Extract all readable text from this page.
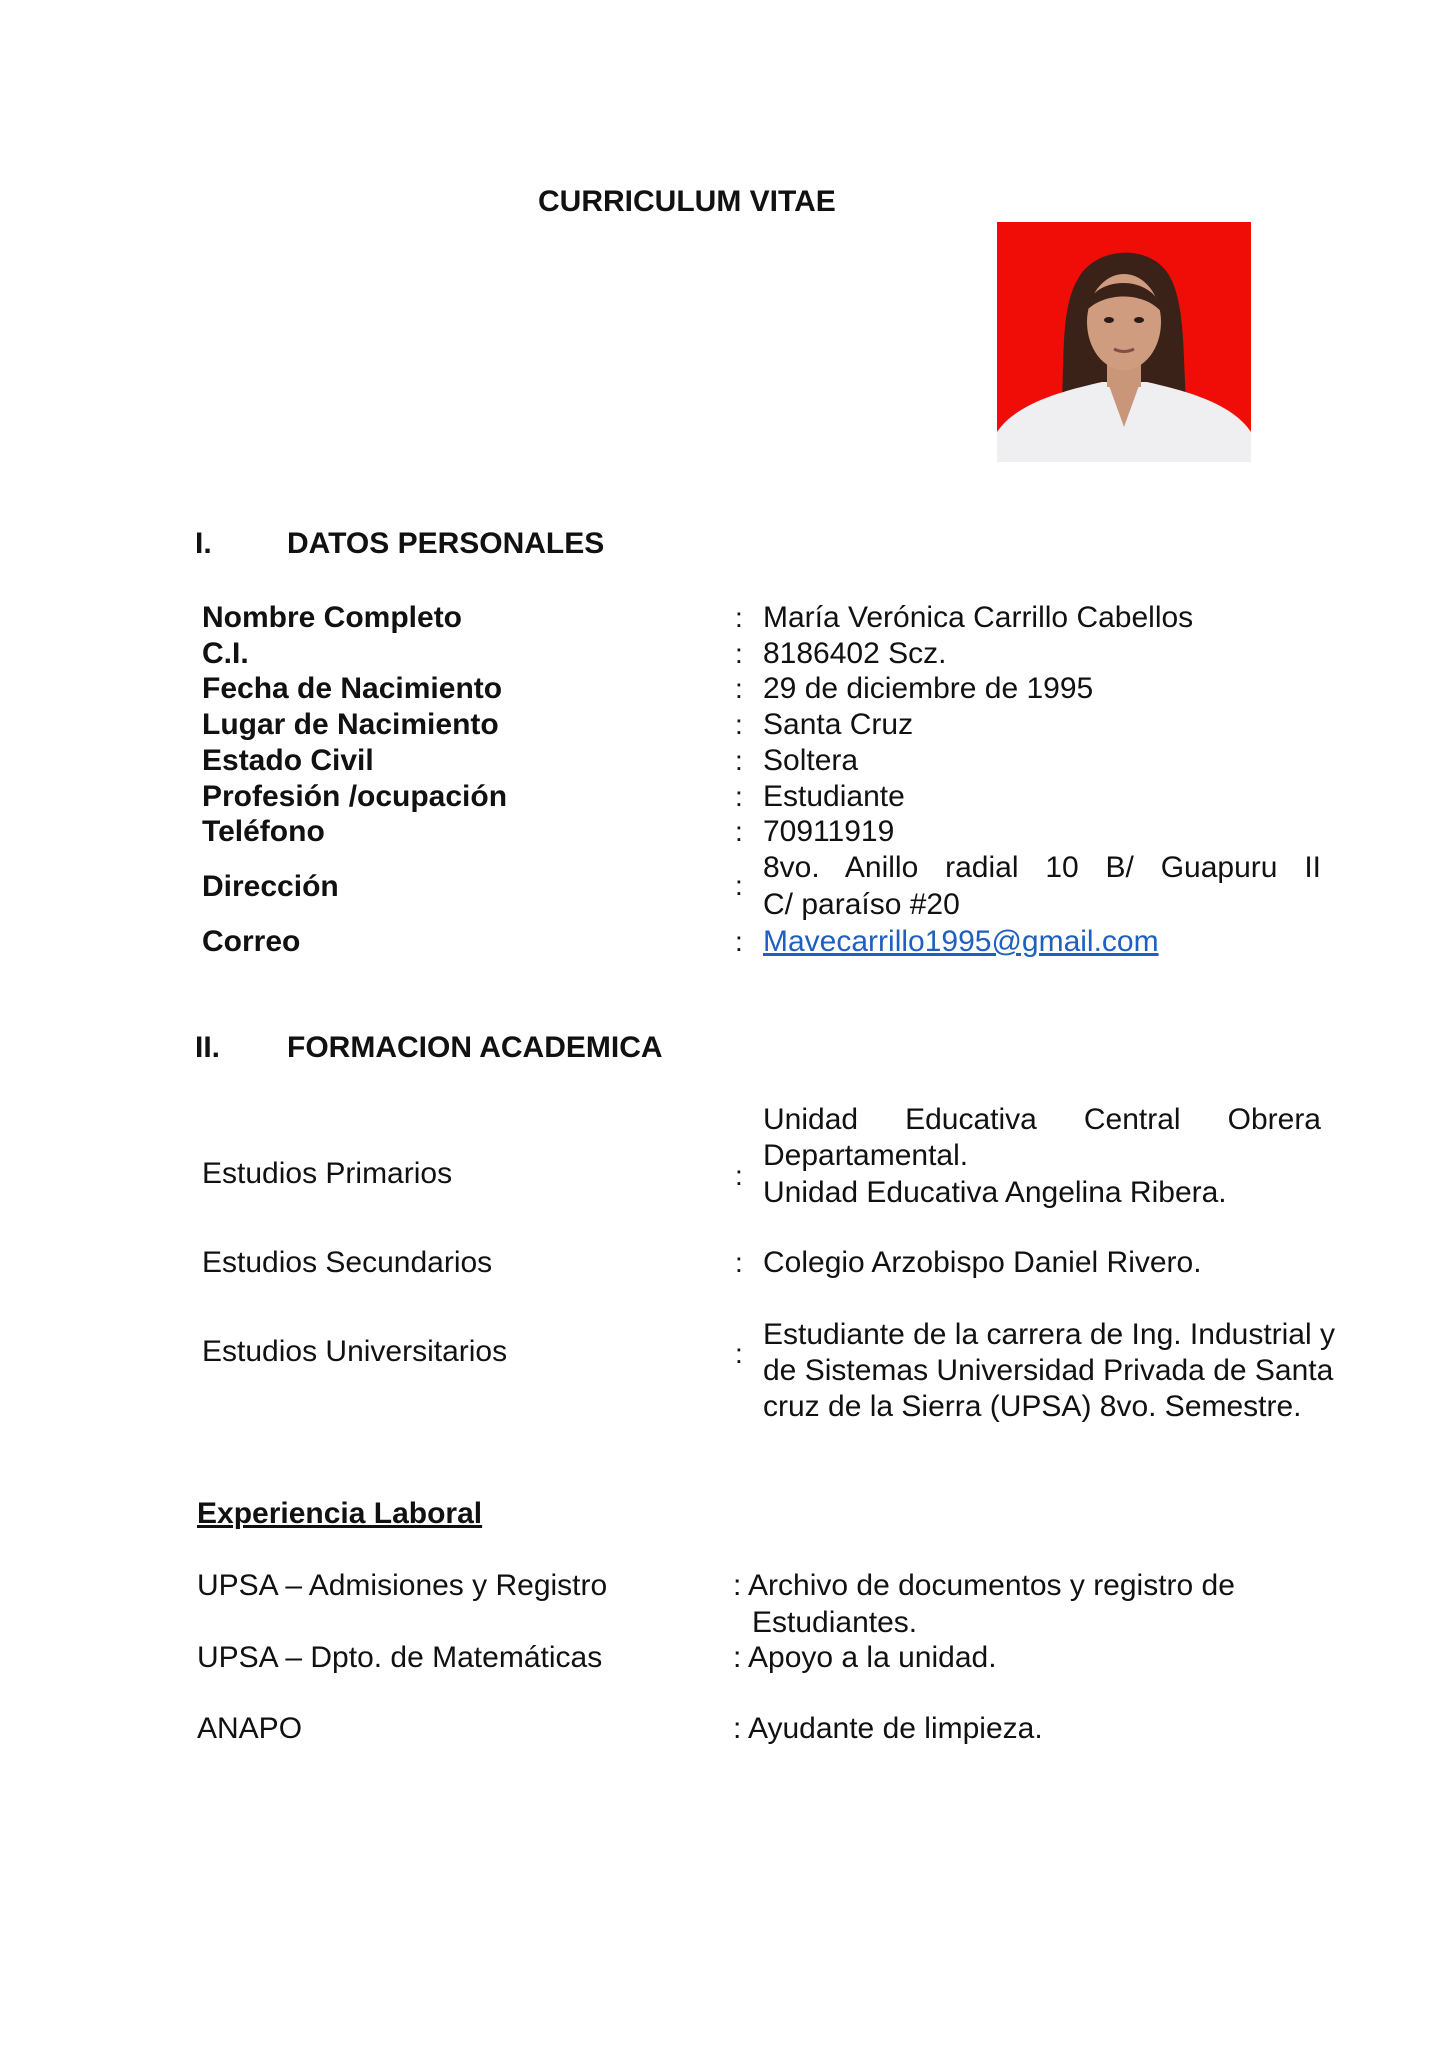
CURRICULUM VITAE
I.	DATOS PERSONALES
Nombre Completo	: María Verónica Carrillo Cabellos
C.I.	: 8186402 Scz.
Fecha de Nacimiento	: 29 de diciembre de 1995
Lugar de Nacimiento	: Santa Cruz
Estado Civil	: Soltera
Profesión /ocupación	: Estudiante
Teléfono	: 70911919
Dirección	:
8vo. Anillo radial 10 B/ Guapuru II
C/ paraíso #20
Correo	: Mavecarrillo1995@gmail.com
II. FORMACION ACADEMICA
Estudios Primarios	:
Unidad Educativa Central Obrera
Departamental.
Unidad Educativa Angelina Ribera.
Estudios Secundarios	: Colegio Arzobispo Daniel Rivero.
Estudios Universitarios	:
Estudiante de la carrera de Ing. Industrial y
de Sistemas Universidad Privada de Santa
cruz de la Sierra (UPSA) 8vo. Semestre.
Experiencia Laboral
UPSA – Admisiones y Registro	: Archivo de documentos y registro de
Estudiantes.
UPSA – Dpto. de Matemáticas	: Apoyo a la unidad.
ANAPO	: Ayudante de limpieza.
